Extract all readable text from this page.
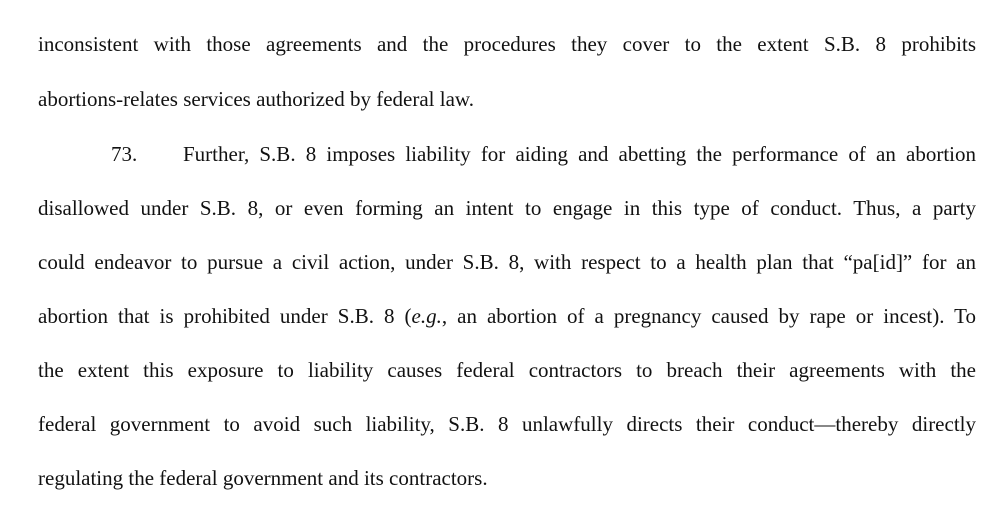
inconsistent with those agreements and the procedures they cover to the extent S.B. 8 prohibits
abortions-relates services authorized by federal law.
73. Further, S.B. 8 imposes liability for aiding and abetting the performance of an abortion
disallowed under S.B. 8, or even forming an intent to engage in this type of conduct. Thus, a party
could endeavor to pursue a civil action, under S.B. 8, with respect to a health plan that “pa[id]” for an
abortion that is prohibited under S.B. 8 (e.g., an abortion of a pregnancy caused by rape or incest). To
the extent this exposure to liability causes federal contractors to breach their agreements with the
federal government to avoid such liability, S.B. 8 unlawfully directs their conduct—thereby directly
regulating the federal government and its contractors.
